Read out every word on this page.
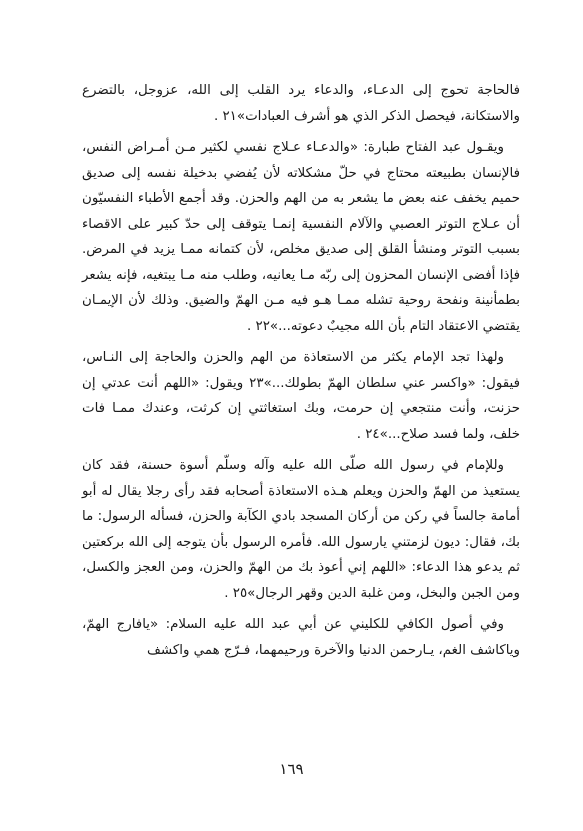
فالحاجة تحوج إلى الدعـاء، والدعاء يرد القلب إلى الله، عزوجل، بالتضرع والاستكانة، فيحصل الذكر الذي هو أشرف العبادات»٢١ .

ويقـول عبد الفتاح طبارة: «والدعـاء عـلاج نفسي لكثير مـن أمـراض النفس، فالإنسان بطبيعته محتاج في حلّ مشكلاته لأن يُفضي بدخيلة نفسه إلى صديق حميم يخفف عنه بعض ما يشعر به من الهم والحزن. وقد أجمع الأطباء النفسيّون أن عـلاج التوتر العصبي والآلام النفسية إنمـا يتوقف إلى حدّ كبير على الاقصاء بسبب التوتر ومنشأ القلق إلى صديق مخلص، لأن كتمانه ممـا يزيد في المرض. فإذا أفضى الإنسان المحزون إلى ربّه مـا يعانيه، وطلب منه مـا يبتغيه، فإنه يشعر بطمأنينة ونفحة روحية تشله ممـا هـو فيه مـن الهمّ والضيق. وذلك لأن الإيمـان يقتضي الاعتقاد التام بأن الله مجيبٌ دعوته...»٢٢ .

ولهذا تجد الإمام يكثر من الاستعاذة من الهم والحزن والحاجة إلى النـاس، فيقول: «واكسر عني سلطان الهمّ بطولك...»٢٣ ويقول: «اللهم أنت عدتي إن حزنت، وأنت منتجعي إن حرمت، وبك استغاثتي إن كرثت، وعندك ممـا فات خلف، ولما فسد صلاح...»٢٤ .

وللإمام في رسول الله صلّى الله عليه وآله وسلّم أسوة حسنة، فقد كان يستعيذ من الهمّ والحزن ويعلم هـذه الاستعاذة أصحابه فقد رأى رجلا يقال له أبو أمامة جالساً في ركن من أركان المسجد بادي الكآبة والحزن، فسأله الرسول: ما بك، فقال: ديون لزمتني يارسول الله. فأمره الرسول بأن يتوجه إلى الله بركعتين ثم يدعو هذا الدعاء: «اللهم إني أعوذ بك من الهمّ والحزن، ومن العجز والكسل، ومن الجبن والبخل، ومن غلبة الدين وقهر الرجال»٢٥ .

وفي أصول الكافي للكليني عن أبي عبد الله عليه السلام: «يافارج الهمّ، وياكاشف الغم، يـارحمن الدنيا والآخرة ورحيمهما، فـرّج همي واكشف

١٦٩
